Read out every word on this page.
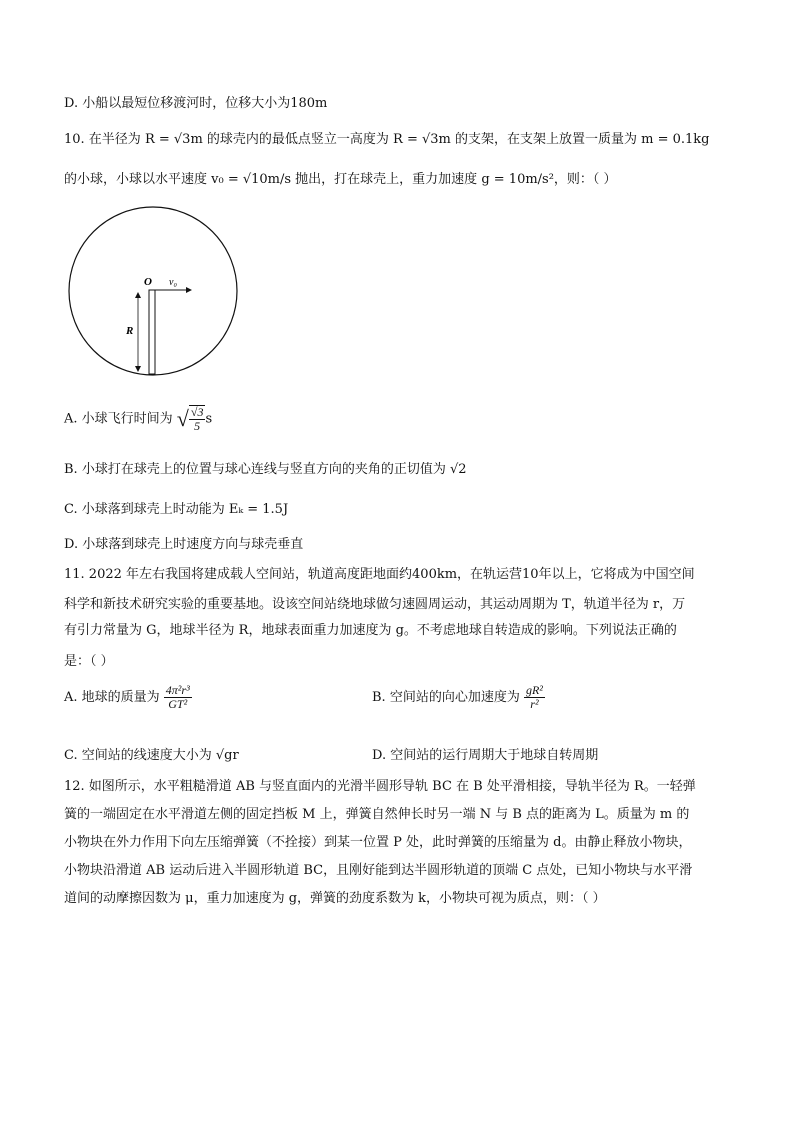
D. 小船以最短位移渡河时，位移大小为180m
10. 在半径为 R = √3m 的球壳内的最低点竖立一高度为 R = √3m 的支架，在支架上放置一质量为 m = 0.1kg
的小球，小球以水平速度 v₀ = √10m/s 抛出，打在球壳上，重力加速度 g = 10m/s²，则：（ ）
O v₀
R
A. 小球飞行时间为 √ $\frac{√3}{5}$ s
B. 小球打在球壳上的位置与球心连线与竖直方向的夹角的正切值为 √2
C. 小球落到球壳上时动能为 Eₖ = 1.5J
D. 小球落到球壳上时速度方向与球壳垂直
11. 2022 年左右我国将建成载人空间站，轨道高度距地面约400km，在轨运营10年以上，它将成为中国空间
科学和新技术研究实验的重要基地。设该空间站绕地球做匀速圆周运动，其运动周期为 T，轨道半径为 r，万
有引力常量为 G，地球半径为 R，地球表面重力加速度为 g。不考虑地球自转造成的影响。下列说法正确的
是：（ ）
A. 地球的质量为 $\frac{\text{4π²r³}}{\text{GT²}}$	B. 空间站的向心加速度为 $\frac{\text{gR²}}{\text{r²}}$
C. 空间站的线速度大小为 √gr	D. 空间站的运行周期大于地球自转周期
12. 如图所示，水平粗糙滑道 AB 与竖直面内的光滑半圆形导轨 BC 在 B 处平滑相接，导轨半径为 R。一轻弹
簧的一端固定在水平滑道左侧的固定挡板 M 上，弹簧自然伸长时另一端 N 与 B 点的距离为 L。质量为 m 的
小物块在外力作用下向左压缩弹簧（不拴接）到某一位置 P 处，此时弹簧的压缩量为 d。由静止释放小物块，
小物块沿滑道 AB 运动后进入半圆形轨道 BC，且刚好能到达半圆形轨道的顶端 C 点处，已知小物块与水平滑
道间的动摩擦因数为 μ，重力加速度为 g，弹簧的劲度系数为 k，小物块可视为质点，则：（ ）
